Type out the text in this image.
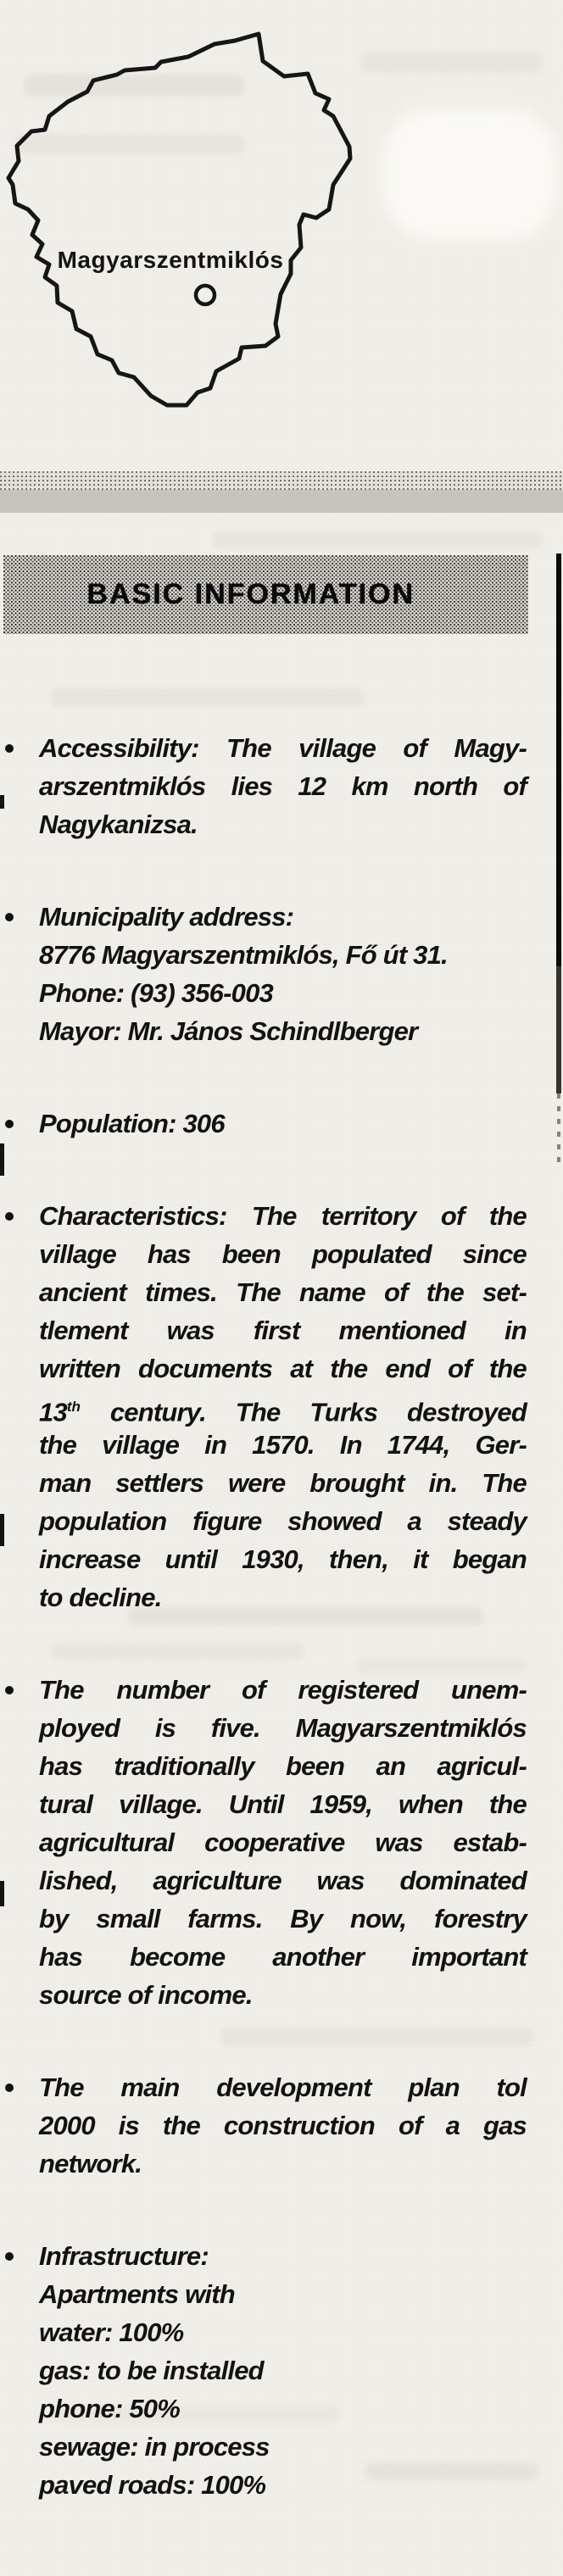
Magyarszentmiklós
BASIC INFORMATION
Accessibility: The village of Magy-
arszentmiklós lies 12 km north of
Nagykanizsa.
Municipality address:
8776 Magyarszentmiklós, Fő út 31.
Phone: (93) 356-003
Mayor: Mr. János Schindlberger
Population: 306
Characteristics: The territory of the
village has been populated since
ancient times. The name of the set-
tlement was first mentioned in
written documents at the end of the
13th century. The Turks destroyed
the village in 1570. In 1744, Ger-
man settlers were brought in. The
population figure showed a steady
increase until 1930, then, it began
to decline.
The number of registered unem-
ployed is five. Magyarszentmiklós
has traditionally been an agricul-
tural village. Until 1959, when the
agricultural cooperative was estab-
lished, agriculture was dominated
by small farms. By now, forestry
has become another important
source of income.
The main development plan tol
2000 is the construction of a gas
network.
Infrastructure:
Apartments with
water: 100%
gas: to be installed
phone: 50%
sewage: in process
paved roads: 100%
